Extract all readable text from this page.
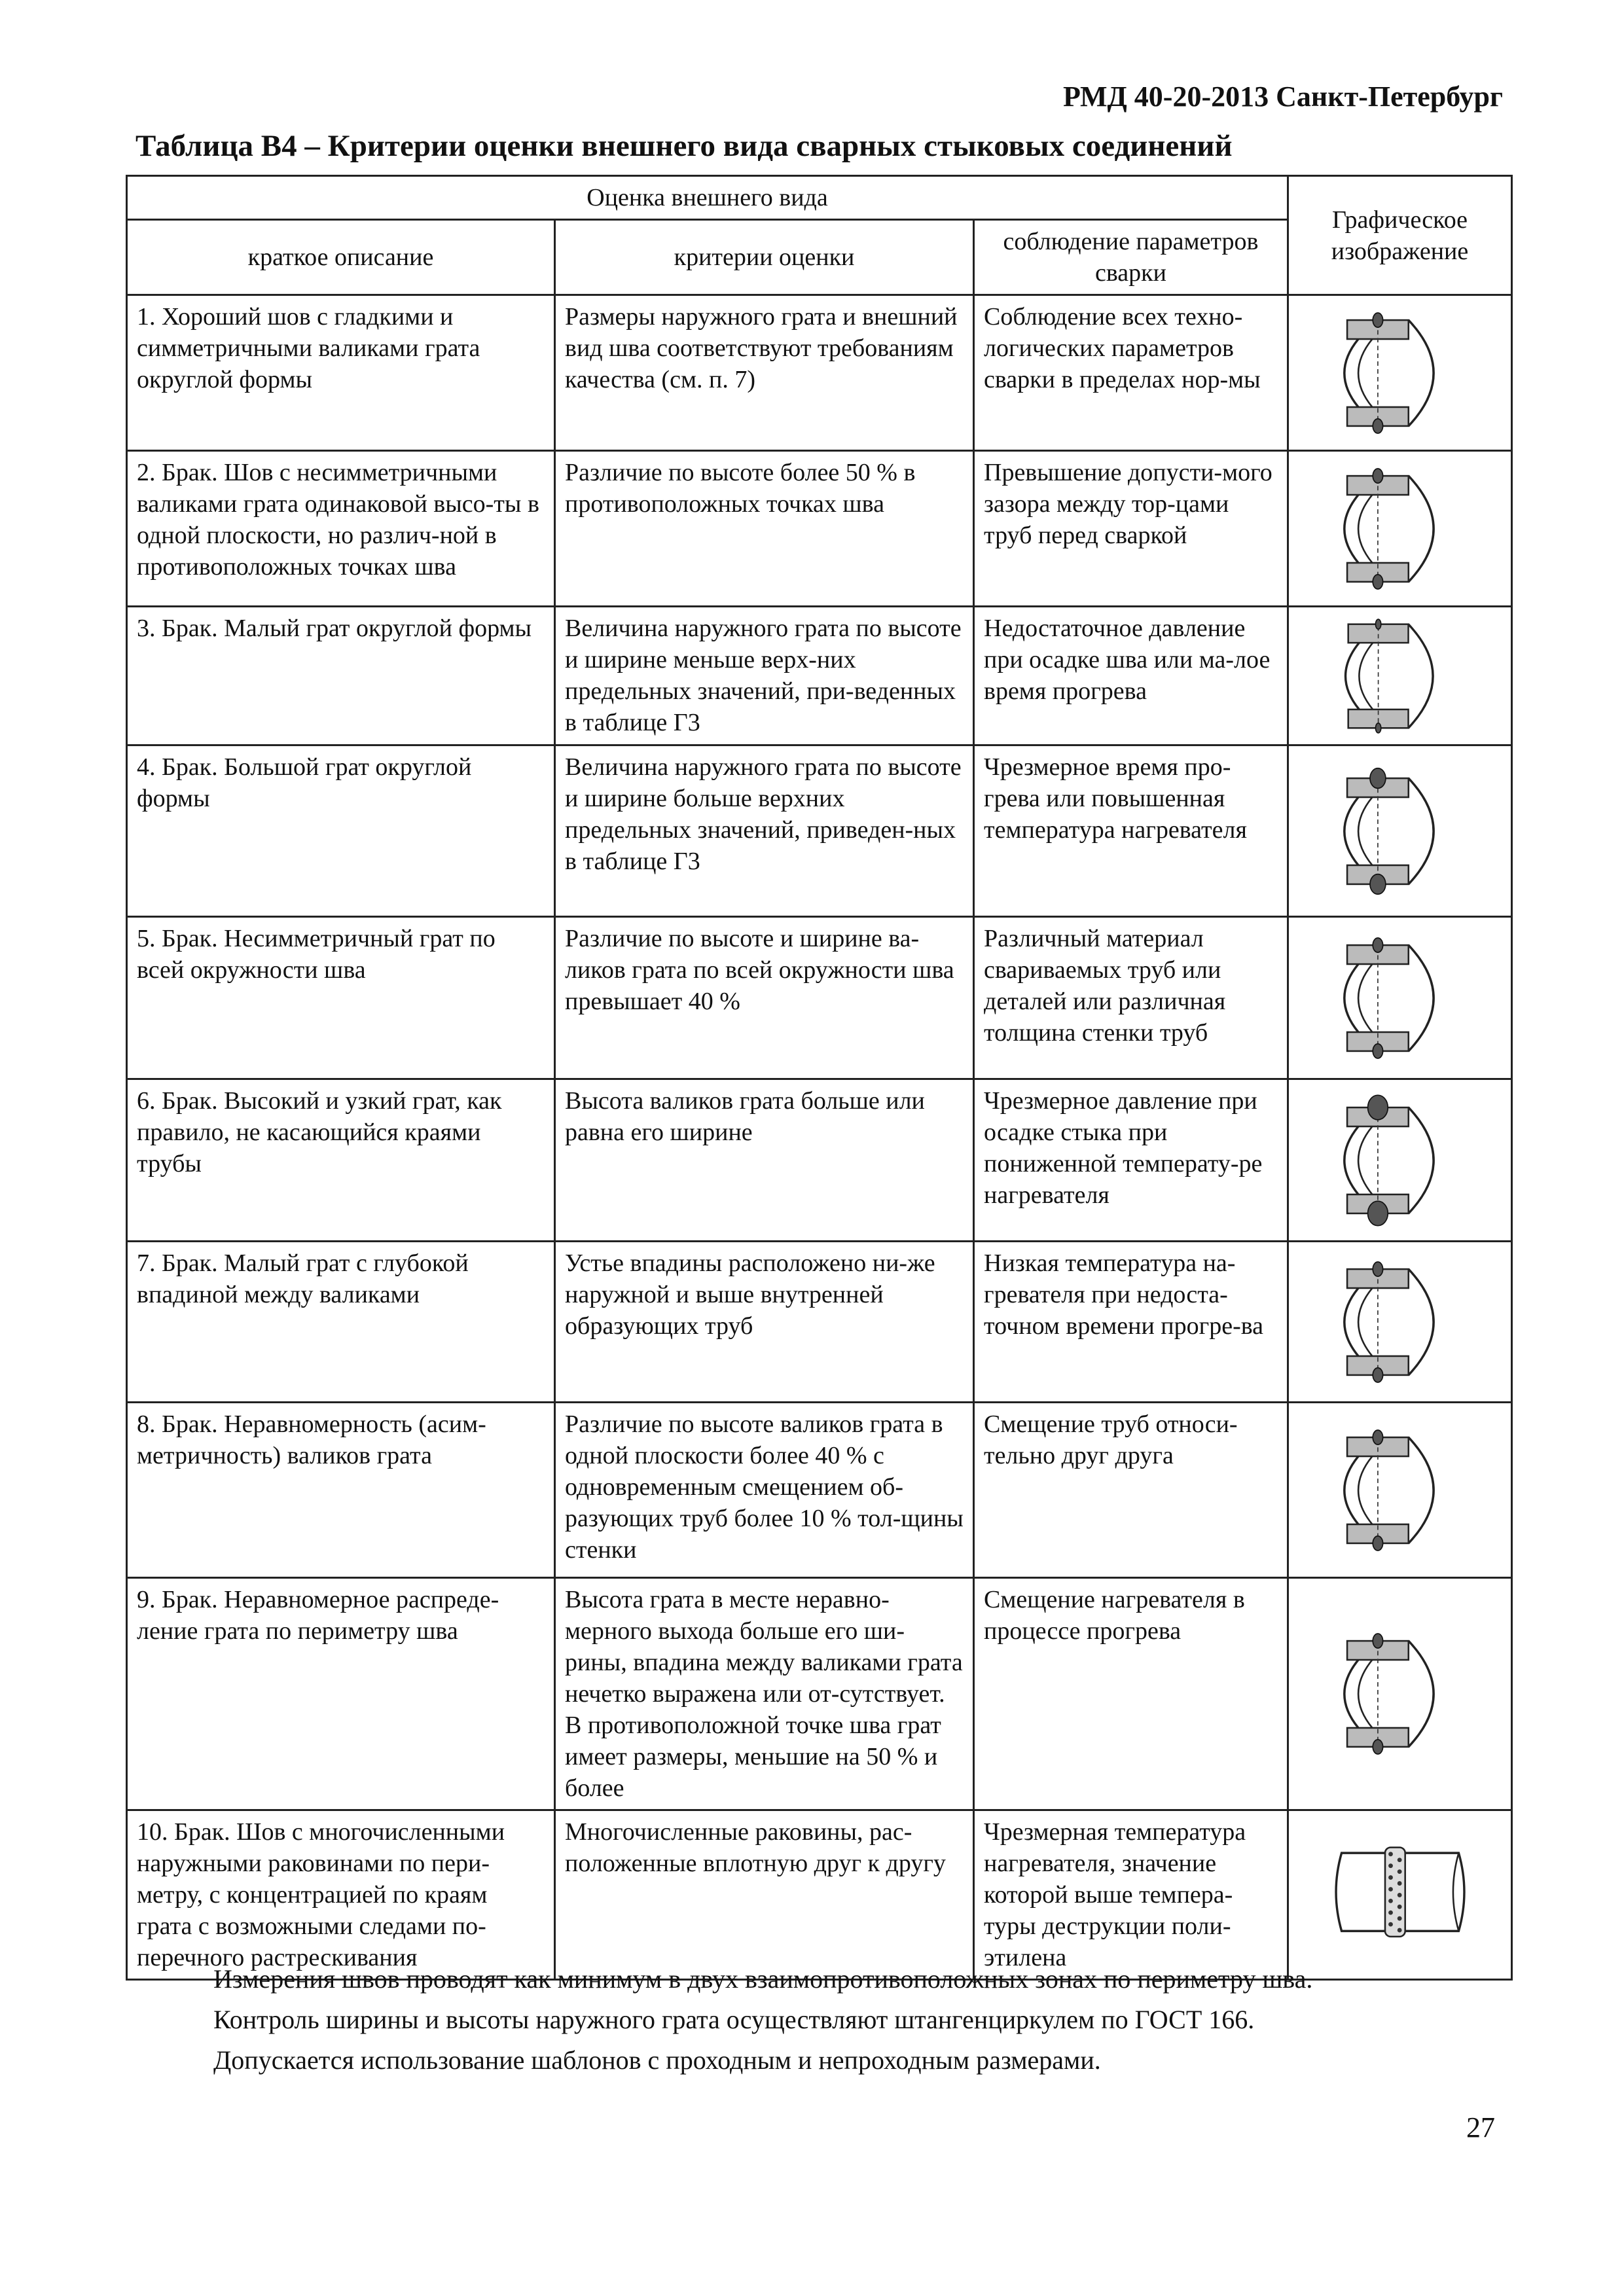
РМД 40-20-2013 Санкт-Петербург
Таблица В4 – Критерии оценки внешнего вида сварных стыковых соединений
Оценка внешнего вида			Графическое изображение
краткое описание	критерии оценки	соблюдение параметров сварки	
1. Хороший шов с гладкими и симметричными валиками грата округлой формы	Размеры наружного грата и внешний вид шва соответствуют требованиям качества (см. п. 7)	Соблюдение всех техно-логических параметров сварки в пределах нор-мы	

2. Брак. Шов с несимметричными валиками грата одинаковой высо-ты в одной плоскости, но различ-ной в противоположных точках шва	Различие по высоте более 50 % в противоположных точках шва	Превышение допусти-мого зазора между тор-цами труб перед сваркой	

3. Брак. Малый грат округлой формы	Величина наружного грата по высоте и ширине меньше верх-них предельных значений, при-веденных в таблице Г3	Недостаточное давление при осадке шва или ма-лое время прогрева	

4. Брак. Большой грат округлой формы	Величина наружного грата по высоте и ширине больше верхних предельных значений, приведен-ных в таблице Г3	Чрезмерное время про-грева или повышенная температура нагревателя	

5. Брак. Несимметричный грат по всей окружности шва	Различие по высоте и ширине ва-ликов грата по всей окружности шва превышает 40 %	Различный материал свариваемых труб или деталей или различная толщина стенки труб	

6. Брак. Высокий и узкий грат, как правило, не касающийся краями трубы	Высота валиков грата больше или равна его ширине	Чрезмерное давление при осадке стыка при пониженной температу-ре нагревателя	

7. Брак. Малый грат с глубокой впадиной между валиками	Устье впадины расположено ни-же наружной и выше внутренней образующих труб	Низкая температура на-гревателя при недоста-точном времени прогре-ва	

8. Брак. Неравномерность (асим-метричность) валиков грата	Различие по высоте валиков грата в одной плоскости более 40 % с одновременным смещением об-разующих труб более 10 % тол-щины стенки	Смещение труб относи-тельно друг друга	

9. Брак. Неравномерное распреде-ление грата по периметру шва	Высота грата в месте неравно-мерного выхода больше его ши-рины, впадина между валиками грата нечетко выражена или от-сутствует. В противоположной точке шва грат имеет размеры, меньшие на 50 % и более	Смещение нагревателя в процессе прогрева	

10. Брак. Шов с многочисленными наружными раковинами по пери-метру, с концентрацией по краям грата с возможными следами по-перечного растрескивания	Многочисленные раковины, рас-положенные вплотную друг к другу	Чрезмерная температура нагревателя, значение которой выше темпера-туры деструкции поли-этилена	
Измерения швов проводят как минимум в двух взаимопротивоположных зонах по периметру шва.
Контроль ширины и высоты наружного грата осуществляют штангенциркулем по ГОСТ 166.
Допускается использование шаблонов с проходным и непроходным размерами.
27
